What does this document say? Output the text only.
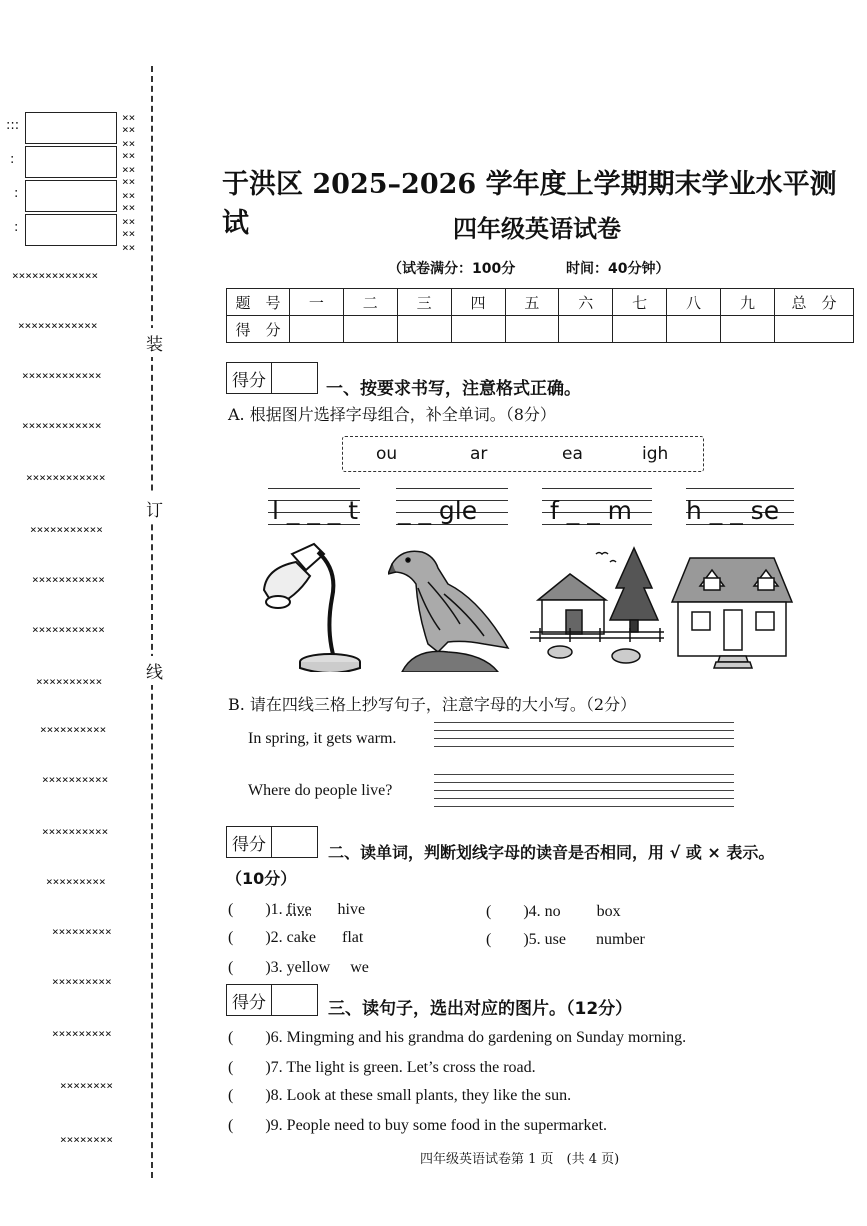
:::
:
:
:
××
××
××
××
××
××
××
××
××
××
××
×××××××××××××
××××××××××××
××××××××××××
××××××××××××
××××××××××××
×××××××××××
×××××××××××
×××××××××××
××××××××××
××××××××××
××××××××××
××××××××××
×××××××××
×××××××××
×××××××××
×××××××××
××××××××
××××××××
装
订
线
于洪区 2025–2026 学年度上学期期末学业水平测试	四年级英语试卷
（试卷满分：100分	时间：40分钟）
题　号	一	二	三	四	五	六	七	八	九	总　分
得　分										
得分	一、按要求书写，注意格式正确。
A. 根据图片选择字母组合，补全单词。（8分）
ou	ar	ea	igh
l _ _ _ t _ _ gle	f _ _ m h _ _ se
B. 请在四线三格上抄写句子，注意字母的大小写。（2分）
In spring, it gets warm.
Where do people live?
得分	二、读单词，判断划线字母的读音是否相同，用 √ 或 × 表示。
（10分）
(　　)1. five hive
(　　)2. cake flat
(　　)3. yellow we
(　　)4. no box
(　　)5. use number
得分	三、读句子，选出对应的图片。（12分）
(　　)6. Mingming and his grandma do gardening on Sunday morning.
(　　)7. The light is green. Let’s cross the road.
(　　)8. Look at these small plants, they like the sun.
(　　)9. People need to buy some food in the supermarket.
四年级英语试卷第 1 页　(共 4 页)
